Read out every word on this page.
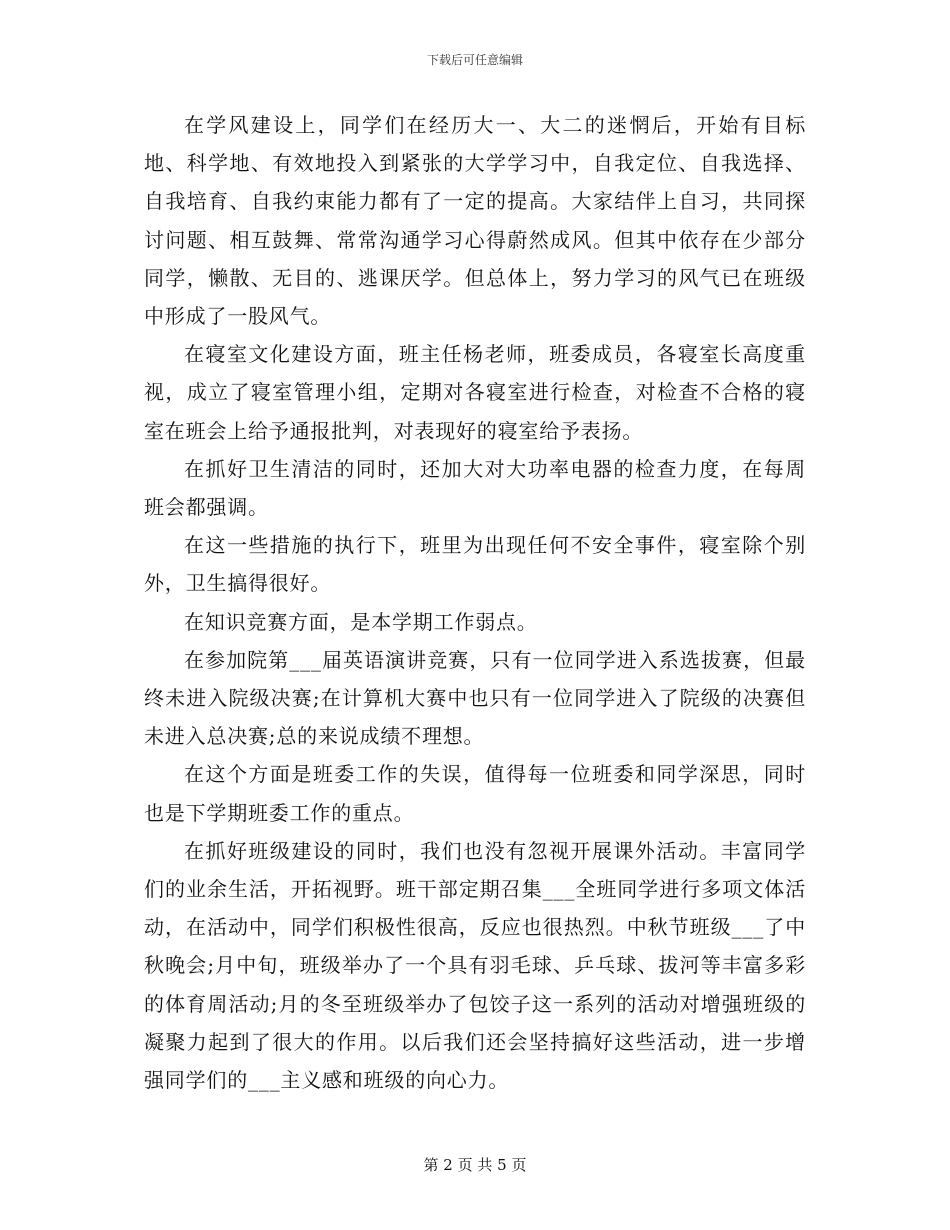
下载后可任意编辑

在学风建设上，同学们在经历大一、大二的迷惘后，开始有目标地、科学地、有效地投入到紧张的大学学习中，自我定位、自我选择、自我培育、自我约束能力都有了一定的提高。大家结伴上自习，共同探讨问题、相互鼓舞、常常沟通学习心得蔚然成风。但其中依存在少部分同学，懒散、无目的、逃课厌学。但总体上，努力学习的风气已在班级中形成了一股风气。

在寝室文化建设方面，班主任杨老师，班委成员，各寝室长高度重视，成立了寝室管理小组，定期对各寝室进行检查，对检查不合格的寝室在班会上给予通报批判，对表现好的寝室给予表扬。

在抓好卫生清洁的同时，还加大对大功率电器的检查力度，在每周班会都强调。

在这一些措施的执行下，班里为出现任何不安全事件，寝室除个别外，卫生搞得很好。

在知识竞赛方面，是本学期工作弱点。

在参加院第___届英语演讲竞赛，只有一位同学进入系选拔赛，但最终未进入院级决赛;在计算机大赛中也只有一位同学进入了院级的决赛但未进入总决赛;总的来说成绩不理想。

在这个方面是班委工作的失误，值得每一位班委和同学深思，同时也是下学期班委工作的重点。

在抓好班级建设的同时，我们也没有忽视开展课外活动。丰富同学们的业余生活，开拓视野。班干部定期召集___全班同学进行多项文体活动，在活动中，同学们积极性很高，反应也很热烈。中秋节班级___了中秋晚会;月中旬，班级举办了一个具有羽毛球、乒乓球、拔河等丰富多彩的体育周活动;月的冬至班级举办了包饺子这一系列的活动对增强班级的凝聚力起到了很大的作用。以后我们还会坚持搞好这些活动，进一步增强同学们的___主义感和班级的向心力。

第 2 页 共 5 页
